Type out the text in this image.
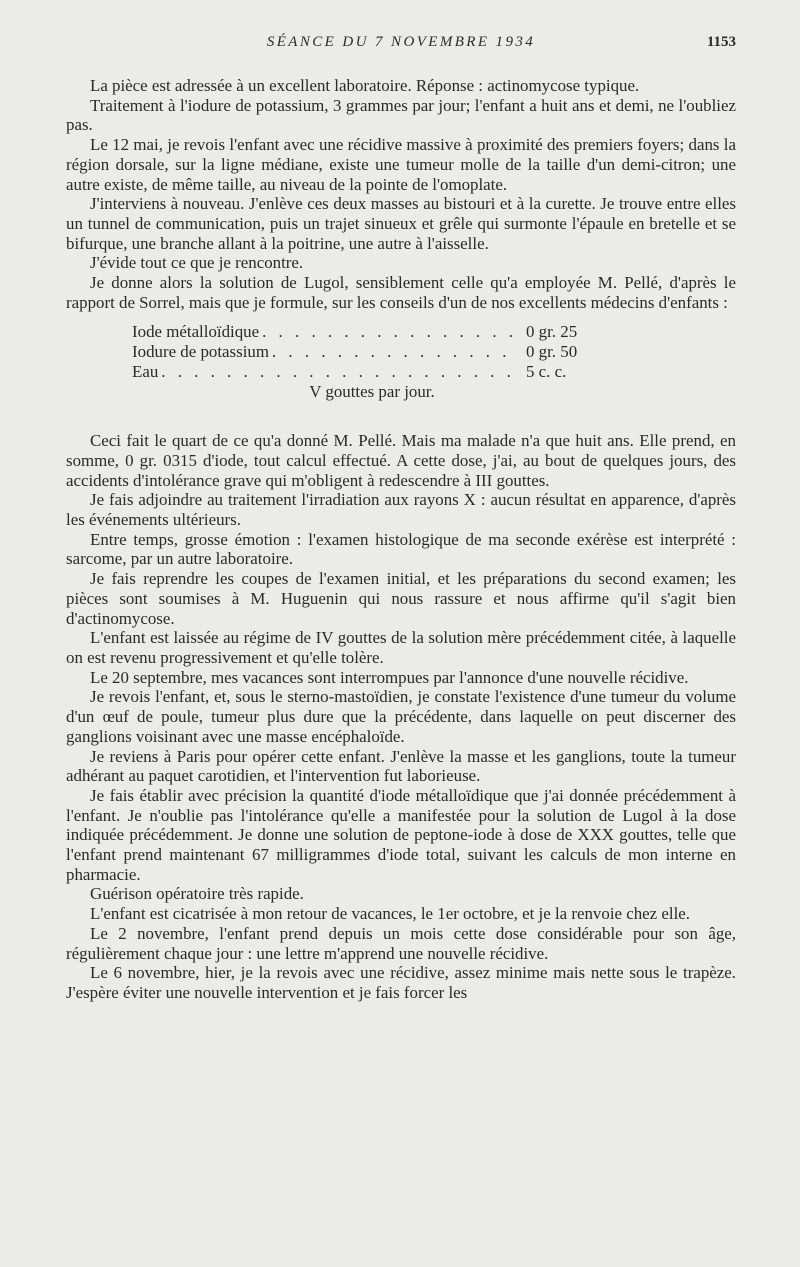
SÉANCE DU 7 NOVEMBRE 1934	1153

La pièce est adressée à un excellent laboratoire. Réponse : actinomycose typique.

Traitement à l'iodure de potassium, 3 grammes par jour; l'enfant a huit ans et demi, ne l'oubliez pas.

Le 12 mai, je revois l'enfant avec une récidive massive à proximité des premiers foyers; dans la région dorsale, sur la ligne médiane, existe une tumeur molle de la taille d'un demi-citron; une autre existe, de même taille, au niveau de la pointe de l'omoplate.

J'interviens à nouveau. J'enlève ces deux masses au bistouri et à la curette. Je trouve entre elles un tunnel de communication, puis un trajet sinueux et grêle qui surmonte l'épaule en bretelle et se bifurque, une branche allant à la poitrine, une autre à l'aisselle.

J'évide tout ce que je rencontre.

Je donne alors la solution de Lugol, sensiblement celle qu'a employée M. Pellé, d'après le rapport de Sorrel, mais que je formule, sur les conseils d'un de nos excellents médecins d'enfants :

Iode métalloïdique . . .	0 gr. 25
Iodure de potassium . . .	0 gr. 50
Eau . . .	5 c. c.
V gouttes par jour.

Ceci fait le quart de ce qu'a donné M. Pellé. Mais ma malade n'a que huit ans. Elle prend, en somme, 0 gr. 0315 d'iode, tout calcul effectué. A cette dose, j'ai, au bout de quelques jours, des accidents d'intolérance grave qui m'obligent à redescendre à III gouttes.

Je fais adjoindre au traitement l'irradiation aux rayons X : aucun résultat en apparence, d'après les événements ultérieurs.

Entre temps, grosse émotion : l'examen histologique de ma seconde exérèse est interprété : sarcome, par un autre laboratoire.

Je fais reprendre les coupes de l'examen initial, et les préparations du second examen; les pièces sont soumises à M. Huguenin qui nous rassure et nous affirme qu'il s'agit bien d'actinomycose.

L'enfant est laissée au régime de IV gouttes de la solution mère précédemment citée, à laquelle on est revenu progressivement et qu'elle tolère.

Le 20 septembre, mes vacances sont interrompues par l'annonce d'une nouvelle récidive.

Je revois l'enfant, et, sous le sterno-mastoïdien, je constate l'existence d'une tumeur du volume d'un œuf de poule, tumeur plus dure que la précédente, dans laquelle on peut discerner des ganglions voisinant avec une masse encéphaloïde.

Je reviens à Paris pour opérer cette enfant. J'enlève la masse et les ganglions, toute la tumeur adhérant au paquet carotidien, et l'intervention fut laborieuse.

Je fais établir avec précision la quantité d'iode métalloïdique que j'ai donnée précédemment à l'enfant. Je n'oublie pas l'intolérance qu'elle a manifestée pour la solution de Lugol à la dose indiquée précédemment. Je donne une solution de peptone-iode à dose de XXX gouttes, telle que l'enfant prend maintenant 67 milligrammes d'iode total, suivant les calculs de mon interne en pharmacie.

Guérison opératoire très rapide.

L'enfant est cicatrisée à mon retour de vacances, le 1er octobre, et je la renvoie chez elle.

Le 2 novembre, l'enfant prend depuis un mois cette dose considérable pour son âge, régulièrement chaque jour : une lettre m'apprend une nouvelle récidive.

Le 6 novembre, hier, je la revois avec une récidive, assez minime mais nette sous le trapèze. J'espère éviter une nouvelle intervention et je fais forcer les
